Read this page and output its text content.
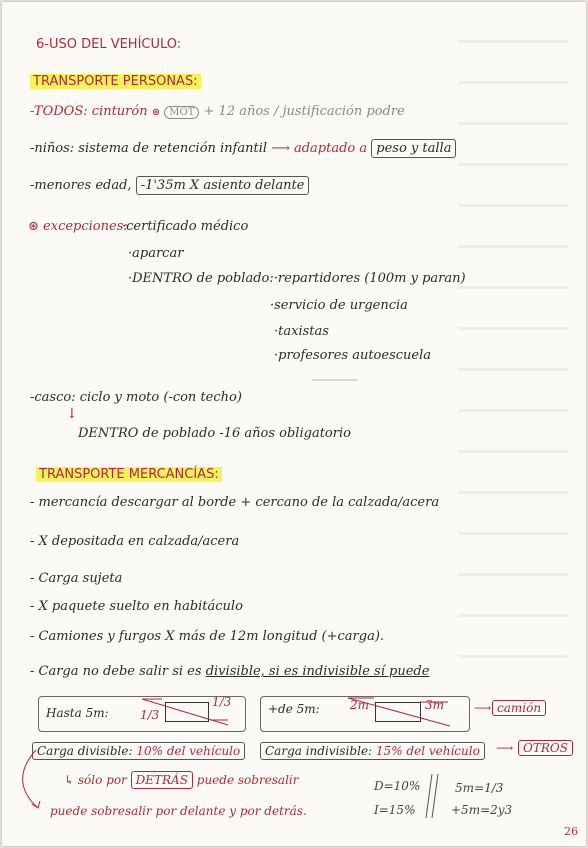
6-USO DEL VEHÍCULO:
TRANSPORTE PERSONAS:
-TODOS: cinturón ⊛ MOT + 12 años / justificación podre
-niños: sistema de retención infantil ⟶ adaptado a peso y talla
-menores edad, -1'35m X asiento delante
⊛ excepciones:
·certificado médico
·aparcar
·DENTRO de poblado:·repartidores (100m y paran)
·servicio de urgencia
·taxistas
·profesores autoescuela
-casco: ciclo y moto (-con techo)
↓
DENTRO de poblado -16 años obligatorio
TRANSPORTE MERCANCÍAS:
- mercancía descargar al borde + cercano de la calzada/acera
- X depositada en calzada/acera
- Carga sujeta
- X paquete suelto en habitáculo
- Camiones y furgos X más de 12m longitud (+carga).
- Carga no debe salir si es divisible, si es indivisible sí puede
Hasta 5m:	1/3
1/3	+de 5m:	2m	3m ⟶ camión
Carga divisible: 10% del vehículo	Carga indivisible: 15% del vehículo	⟶ OTROS
↳ sólo por DETRÁS puede sobresalir
puede sobresalir por delante y por detrás.
D=10%
I=15%
5m=1/3
+5m=2y3
26
